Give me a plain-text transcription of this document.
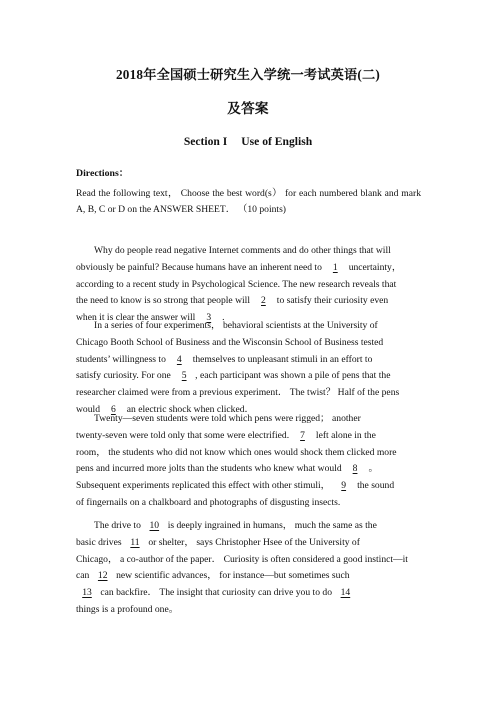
2018年全国硕士研究生入学统一考试英语(二)
及答案
Section I Use of English
Directions：
Read the following text， Choose the best word(s） for each numbered blank and mark A, B, C or D on the ANSWER SHEET． （10 points)
Why do people read negative Internet comments and do other things that will
obviously be painful? Because humans have an inherent need to 1 uncertainty，
according to a recent study in Psychological Science. The new research reveals that
the need to know is so strong that people will 2 to satisfy their curiosity even
when it is clear the answer will 3 .
In a series of four experiments， behavioral scientists at the University of
Chicago Booth School of Business and the Wisconsin School of Business tested
students’ willingness to 4 themselves to unpleasant stimuli in an effort to
satisfy curiosity. For one 5 , each participant was shown a pile of pens that the
researcher claimed were from a previous experiment． The twist？ Half of the pens
would 6 an electric shock when clicked．
Twenty—seven students were told which pens were rigged； another
twenty-seven were told only that some were electrified. 7 left alone in the
room， the students who did not know which ones would shock them clicked more
pens and incurred more jolts than the students who knew what would 8 。
Subsequent experiments replicated this effect with other stimuli， 9 the sound
of fingernails on a chalkboard and photographs of disgusting insects.
The drive to 10 is deeply ingrained in humans， much the same as the
basic drives 11 or shelter， says Christopher Hsee of the University of
Chicago， a co-author of the paper． Curiosity is often considered a good instinct—it
can 12 new scientific advances， for instance—but sometimes such
13 can backfire． The insight that curiosity can drive you to do 14
things is a profound one。
